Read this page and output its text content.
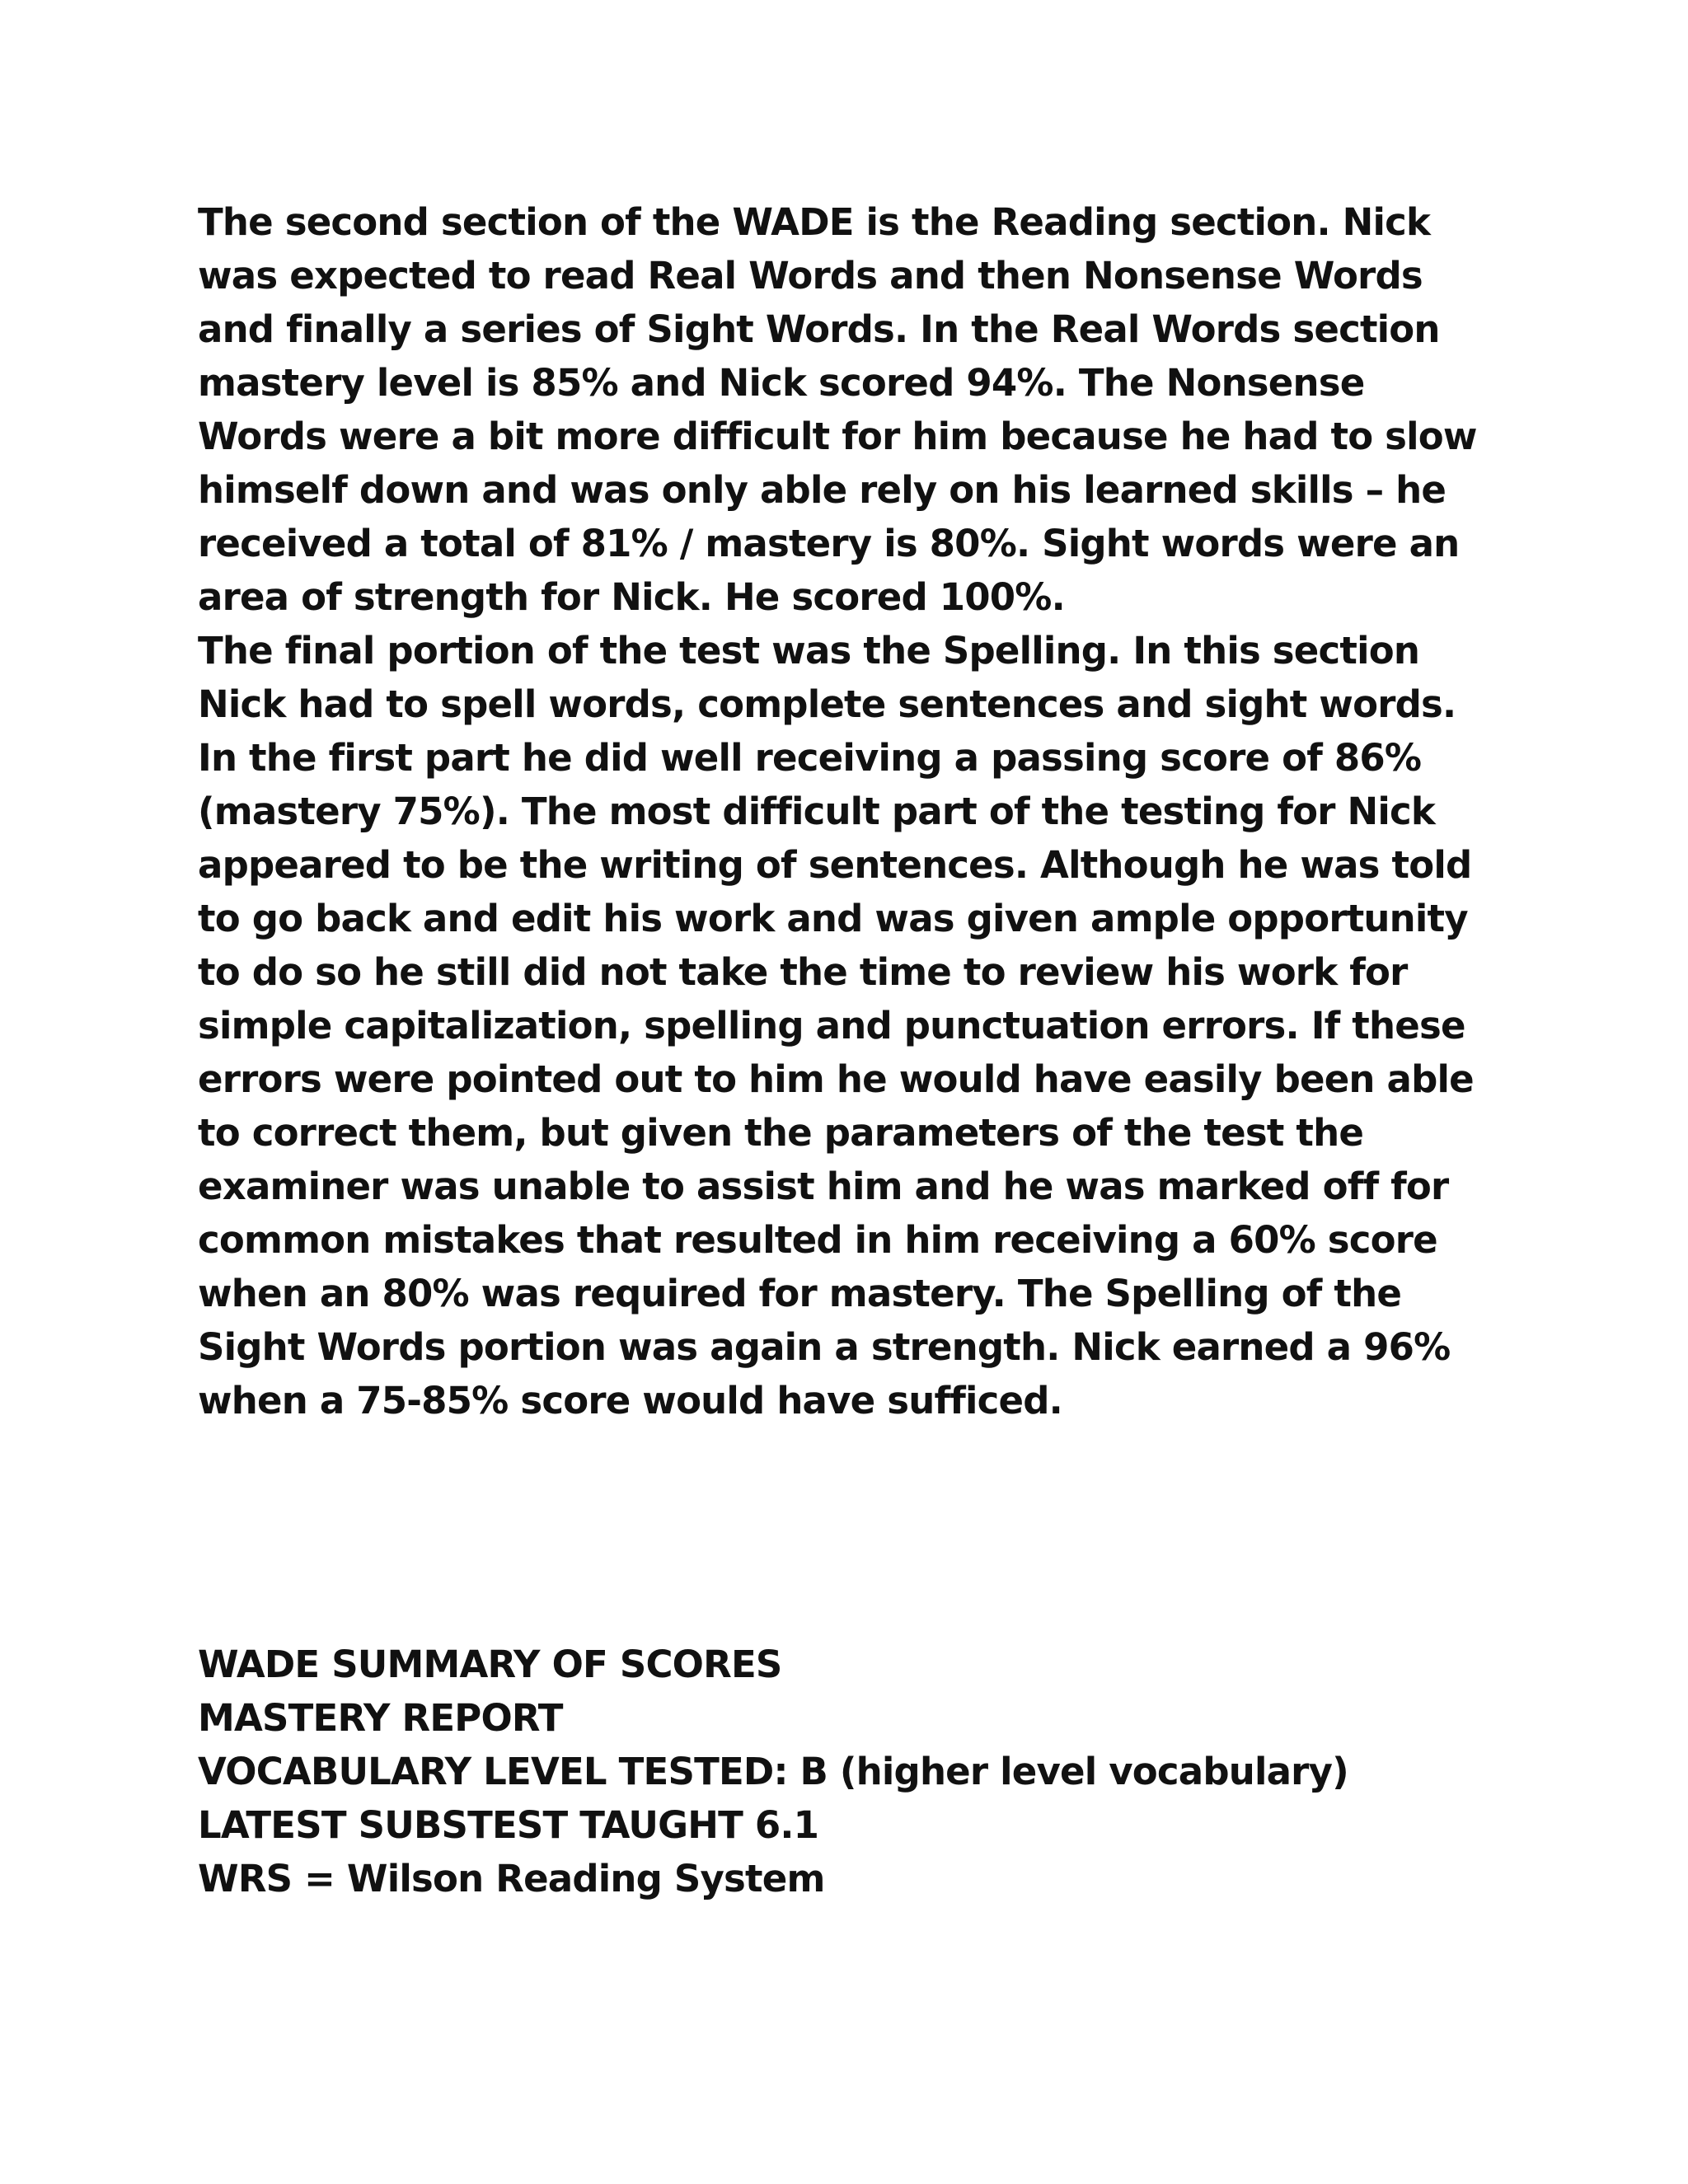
The second section of the WADE is the Reading section. Nick was expected to read Real Words and then Nonsense Words and finally a series of Sight Words. In the Real Words section mastery level is 85% and Nick scored 94%. The Nonsense Words were a bit more difficult for him because he had to slow himself down and was only able rely on his learned skills – he received a total of 81% / mastery is 80%. Sight words were an area of strength for Nick. He scored 100%.

The final portion of the test was the Spelling. In this section Nick had to spell words, complete sentences and sight words. In the first part he did well receiving a passing score of 86% (mastery 75%). The most difficult part of the testing for Nick appeared to be the writing of sentences. Although he was told to go back and edit his work and was given ample opportunity to do so he still did not take the time to review his work for simple capitalization, spelling and punctuation errors. If these errors were pointed out to him he would have easily been able to correct them, but given the parameters of the test the examiner was unable to assist him and he was marked off for common mistakes that resulted in him receiving a 60% score when an 80% was required for mastery. The Spelling of the Sight Words portion was again a strength. Nick earned a 96% when a 75-85% score would have sufficed.

WADE SUMMARY OF SCORES
MASTERY REPORT
VOCABULARY LEVEL TESTED: B (higher level vocabulary)
LATEST SUBSTEST TAUGHT 6.1
WRS = Wilson Reading System
